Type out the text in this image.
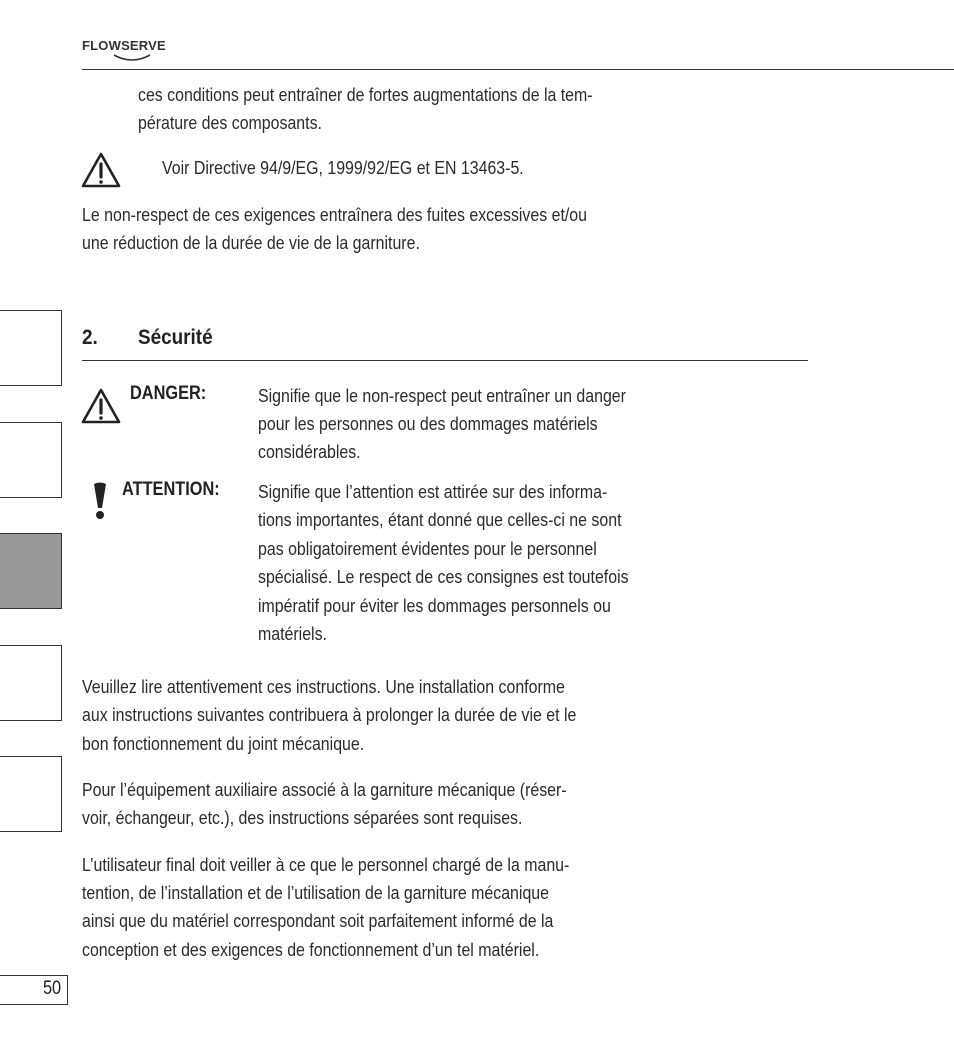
FLOWSERVE
ces conditions peut entraîner de fortes augmentations de la tem-
pérature des composants.
Voir Directive 94/9/EG, 1999/92/EG et EN 13463-5.
Le non-respect de ces exigences entraînera des fuites excessives et/ou
une réduction de la durée de vie de la garniture.
2. Sécurité
DANGER:	Signifie que le non-respect peut entraîner un danger
pour les personnes ou des dommages matériels
considérables.
ATTENTION: Signifie que l’attention est attirée sur des informa-
tions importantes, étant donné que celles-ci ne sont
pas obligatoirement évidentes pour le personnel
spécialisé. Le respect de ces consignes est toutefois
impératif pour éviter les dommages personnels ou
matériels.
Veuillez lire attentivement ces instructions. Une installation conforme
aux instructions suivantes contribuera à prolonger la durée de vie et le
bon fonctionnement du joint mécanique.
Pour l’équipement auxiliaire associé à la garniture mécanique (réser-
voir, échangeur, etc.), des instructions séparées sont requises.
L’utilisateur final doit veiller à ce que le personnel chargé de la manu-
tention, de l’installation et de l’utilisation de la garniture mécanique
ainsi que du matériel correspondant soit parfaitement informé de la
conception et des exigences de fonctionnement d’un tel matériel.
50
